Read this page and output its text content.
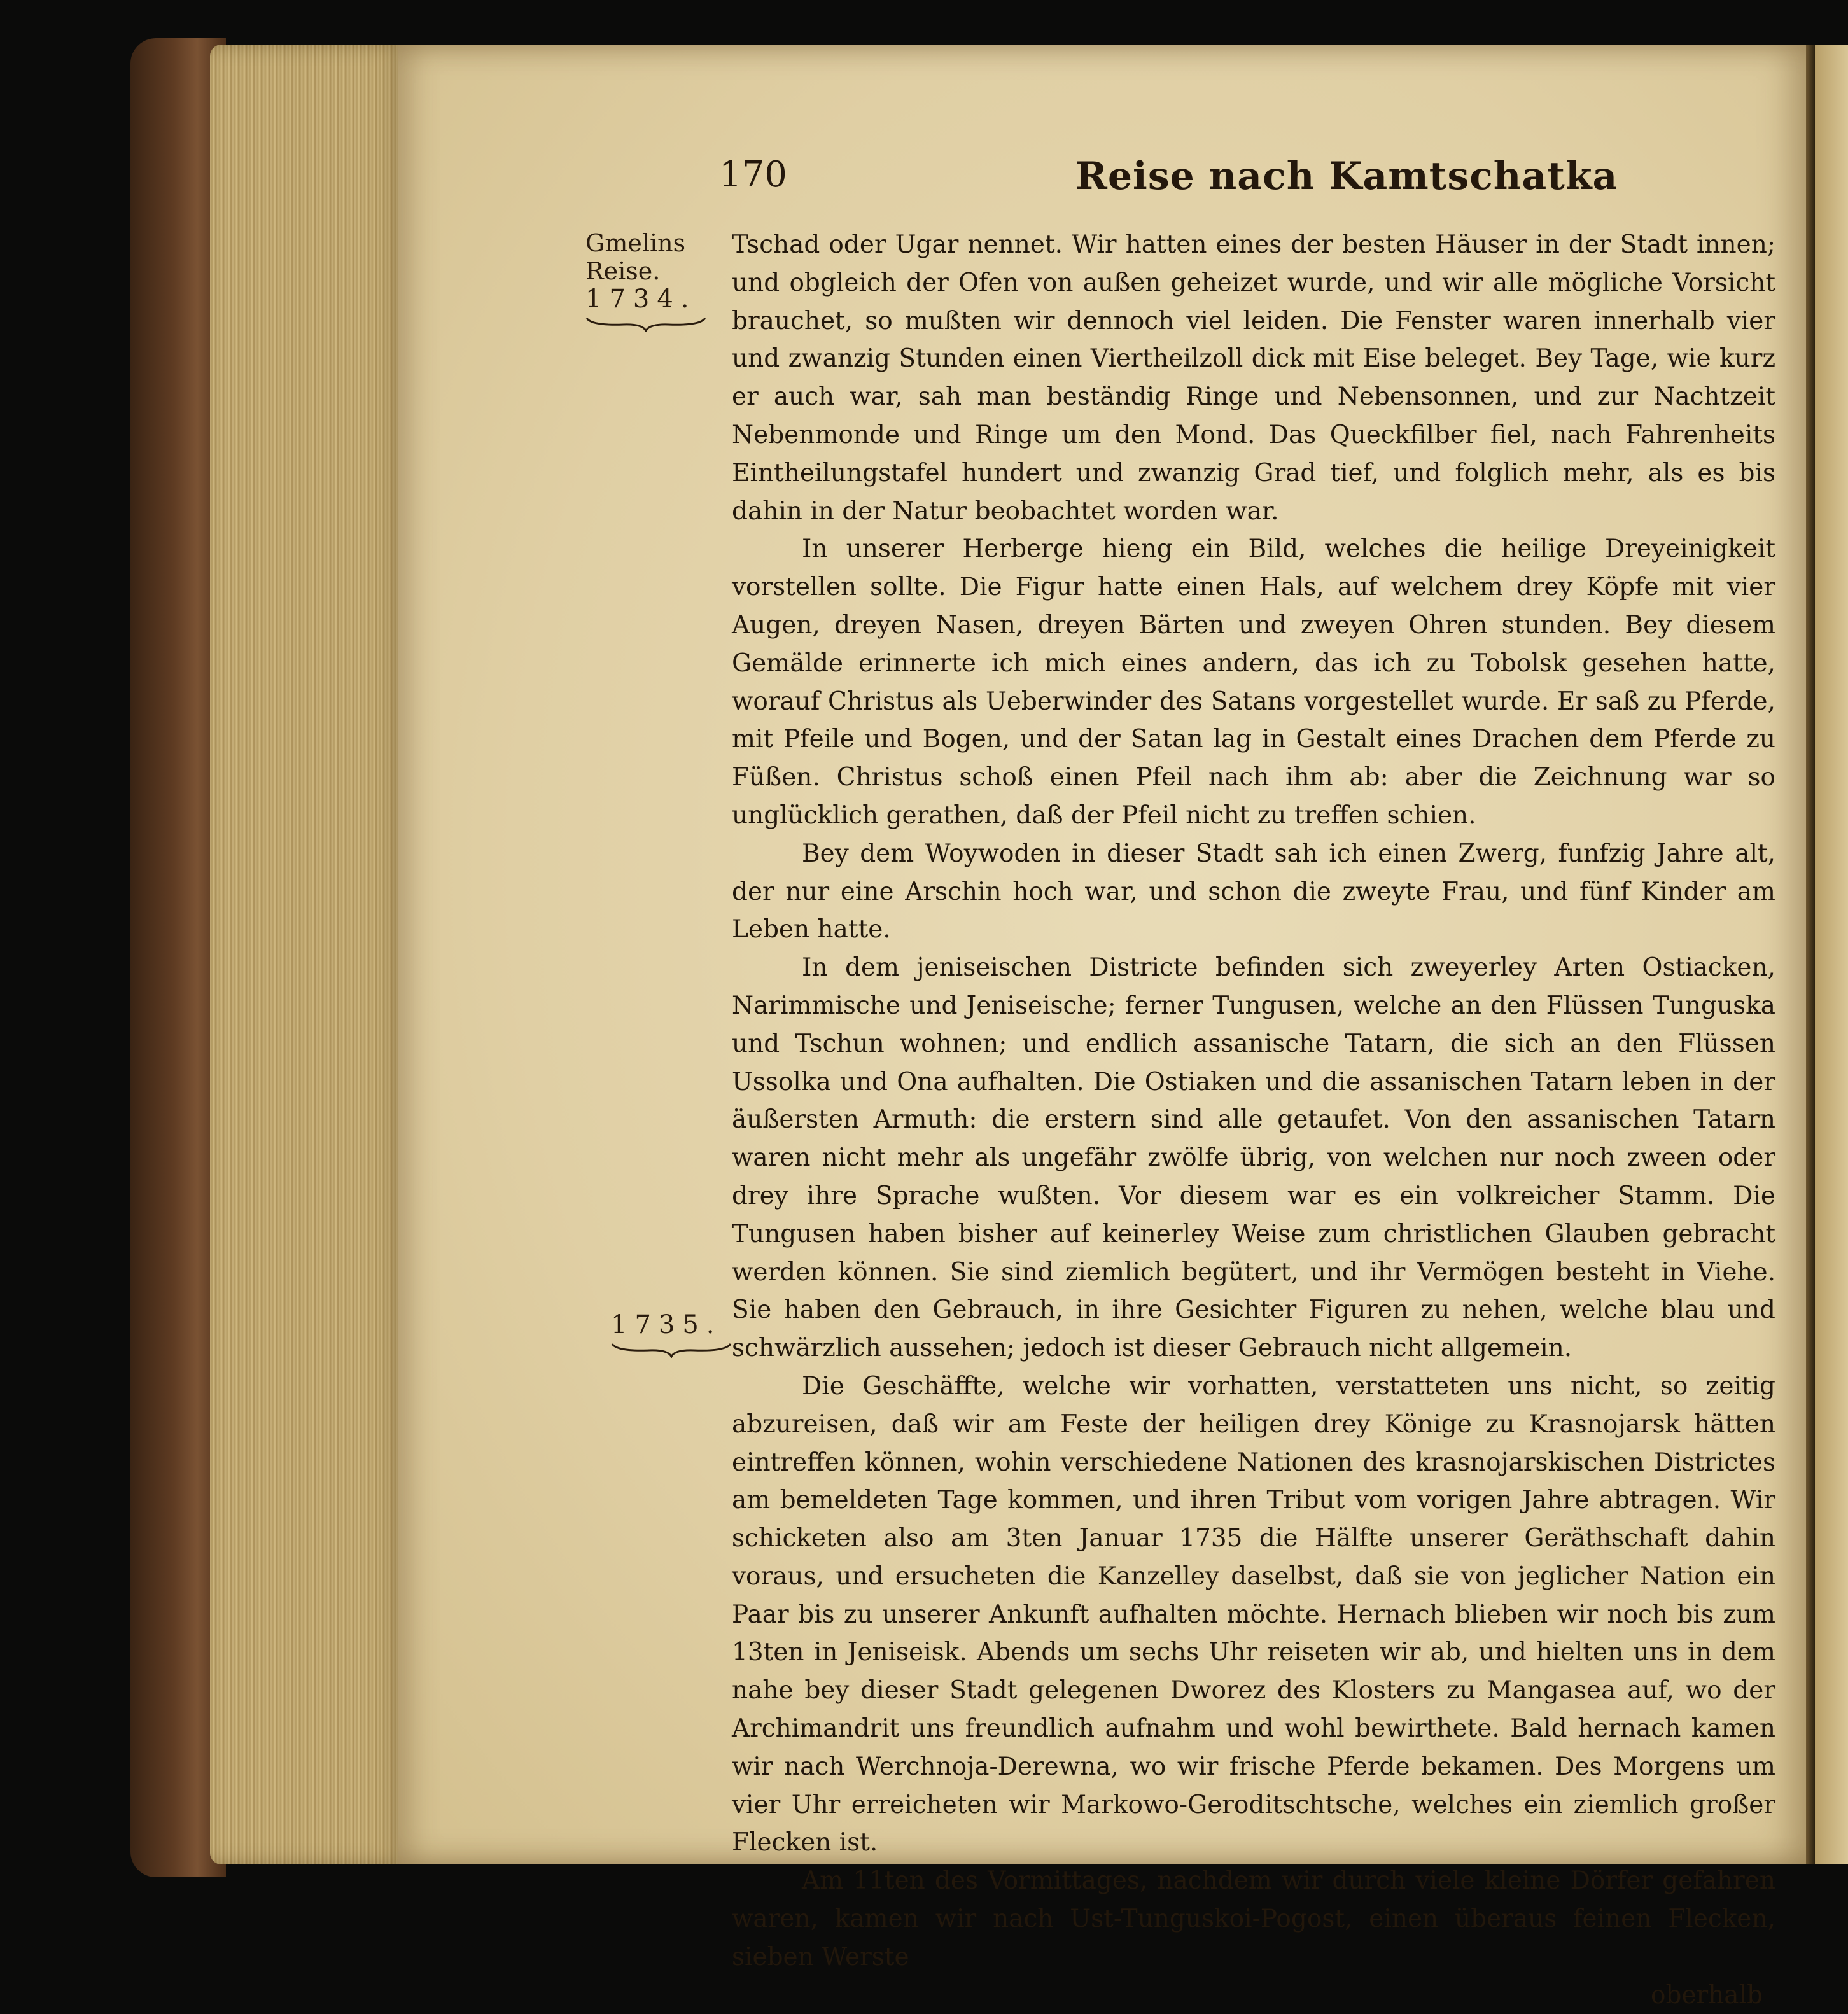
170	Reise nach Kamtschatka
Gmelins
Reise.
1734.
1735.

Tschad oder Ugar nennet. Wir hatten eines der besten Häuser in der Stadt innen; und obgleich der Ofen von außen geheizet wurde, und wir alle mögliche Vorsicht brauchet, so mußten wir dennoch viel leiden. Die Fenster waren innerhalb vier und zwanzig Stunden einen Viertheilzoll dick mit Eise beleget. Bey Tage, wie kurz er auch war, sah man beständig Ringe und Nebensonnen, und zur Nachtzeit Nebenmonde und Ringe um den Mond. Das Queckfilber fiel, nach Fahrenheits Eintheilungstafel hundert und zwanzig Grad tief, und folglich mehr, als es bis dahin in der Natur beobachtet worden war.

In unserer Herberge hieng ein Bild, welches die heilige Dreyeinigkeit vorstellen sollte. Die Figur hatte einen Hals, auf welchem drey Köpfe mit vier Augen, dreyen Nasen, dreyen Bärten und zweyen Ohren stunden. Bey diesem Gemälde erinnerte ich mich eines andern, das ich zu Tobolsk gesehen hatte, worauf Christus als Ueberwinder des Satans vorgestellet wurde. Er saß zu Pferde, mit Pfeile und Bogen, und der Satan lag in Gestalt eines Drachen dem Pferde zu Füßen. Christus schoß einen Pfeil nach ihm ab: aber die Zeichnung war so unglücklich gerathen, daß der Pfeil nicht zu treffen schien.

Bey dem Woywoden in dieser Stadt sah ich einen Zwerg, funfzig Jahre alt, der nur eine Arschin hoch war, und schon die zweyte Frau, und fünf Kinder am Leben hatte.

In dem jeniseischen Districte befinden sich zweyerley Arten Ostiacken, Narimmische und Jeniseische; ferner Tungusen, welche an den Flüssen Tunguska und Tschun wohnen; und endlich assanische Tatarn, die sich an den Flüssen Ussolka und Ona aufhalten. Die Ostiaken und die assanischen Tatarn leben in der äußersten Armuth: die erstern sind alle getaufet. Von den assanischen Tatarn waren nicht mehr als ungefähr zwölfe übrig, von welchen nur noch zween oder drey ihre Sprache wußten. Vor diesem war es ein volkreicher Stamm. Die Tungusen haben bisher auf keinerley Weise zum christlichen Glauben gebracht werden können. Sie sind ziemlich begütert, und ihr Vermögen besteht in Viehe. Sie haben den Gebrauch, in ihre Gesichter Figuren zu nehen, welche blau und schwärzlich aussehen; jedoch ist dieser Gebrauch nicht allgemein.

Die Geschäffte, welche wir vorhatten, verstatteten uns nicht, so zeitig abzureisen, daß wir am Feste der heiligen drey Könige zu Krasnojarsk hätten eintreffen können, wohin verschiedene Nationen des krasnojarskischen Districtes am bemeldeten Tage kommen, und ihren Tribut vom vorigen Jahre abtragen. Wir schicketen also am 3ten Januar 1735 die Hälfte unserer Geräthschaft dahin voraus, und ersucheten die Kanzelley daselbst, daß sie von jeglicher Nation ein Paar bis zu unserer Ankunft aufhalten möchte. Hernach blieben wir noch bis zum 13ten in Jeniseisk. Abends um sechs Uhr reiseten wir ab, und hielten uns in dem nahe bey dieser Stadt gelegenen Dworez des Klosters zu Mangasea auf, wo der Archimandrit uns freundlich aufnahm und wohl bewirthete. Bald hernach kamen wir nach Werchnoja-Derewna, wo wir frische Pferde bekamen. Des Morgens um vier Uhr erreicheten wir Markowo-Geroditschtsche, welches ein ziemlich großer Flecken ist.

Am 11ten des Vormittages, nachdem wir durch viele kleine Dörfer gefahren waren, kamen wir nach Ust-Tunguskoi-Pogost, einen überaus feinen Flecken, sieben Werste

oberhalb
